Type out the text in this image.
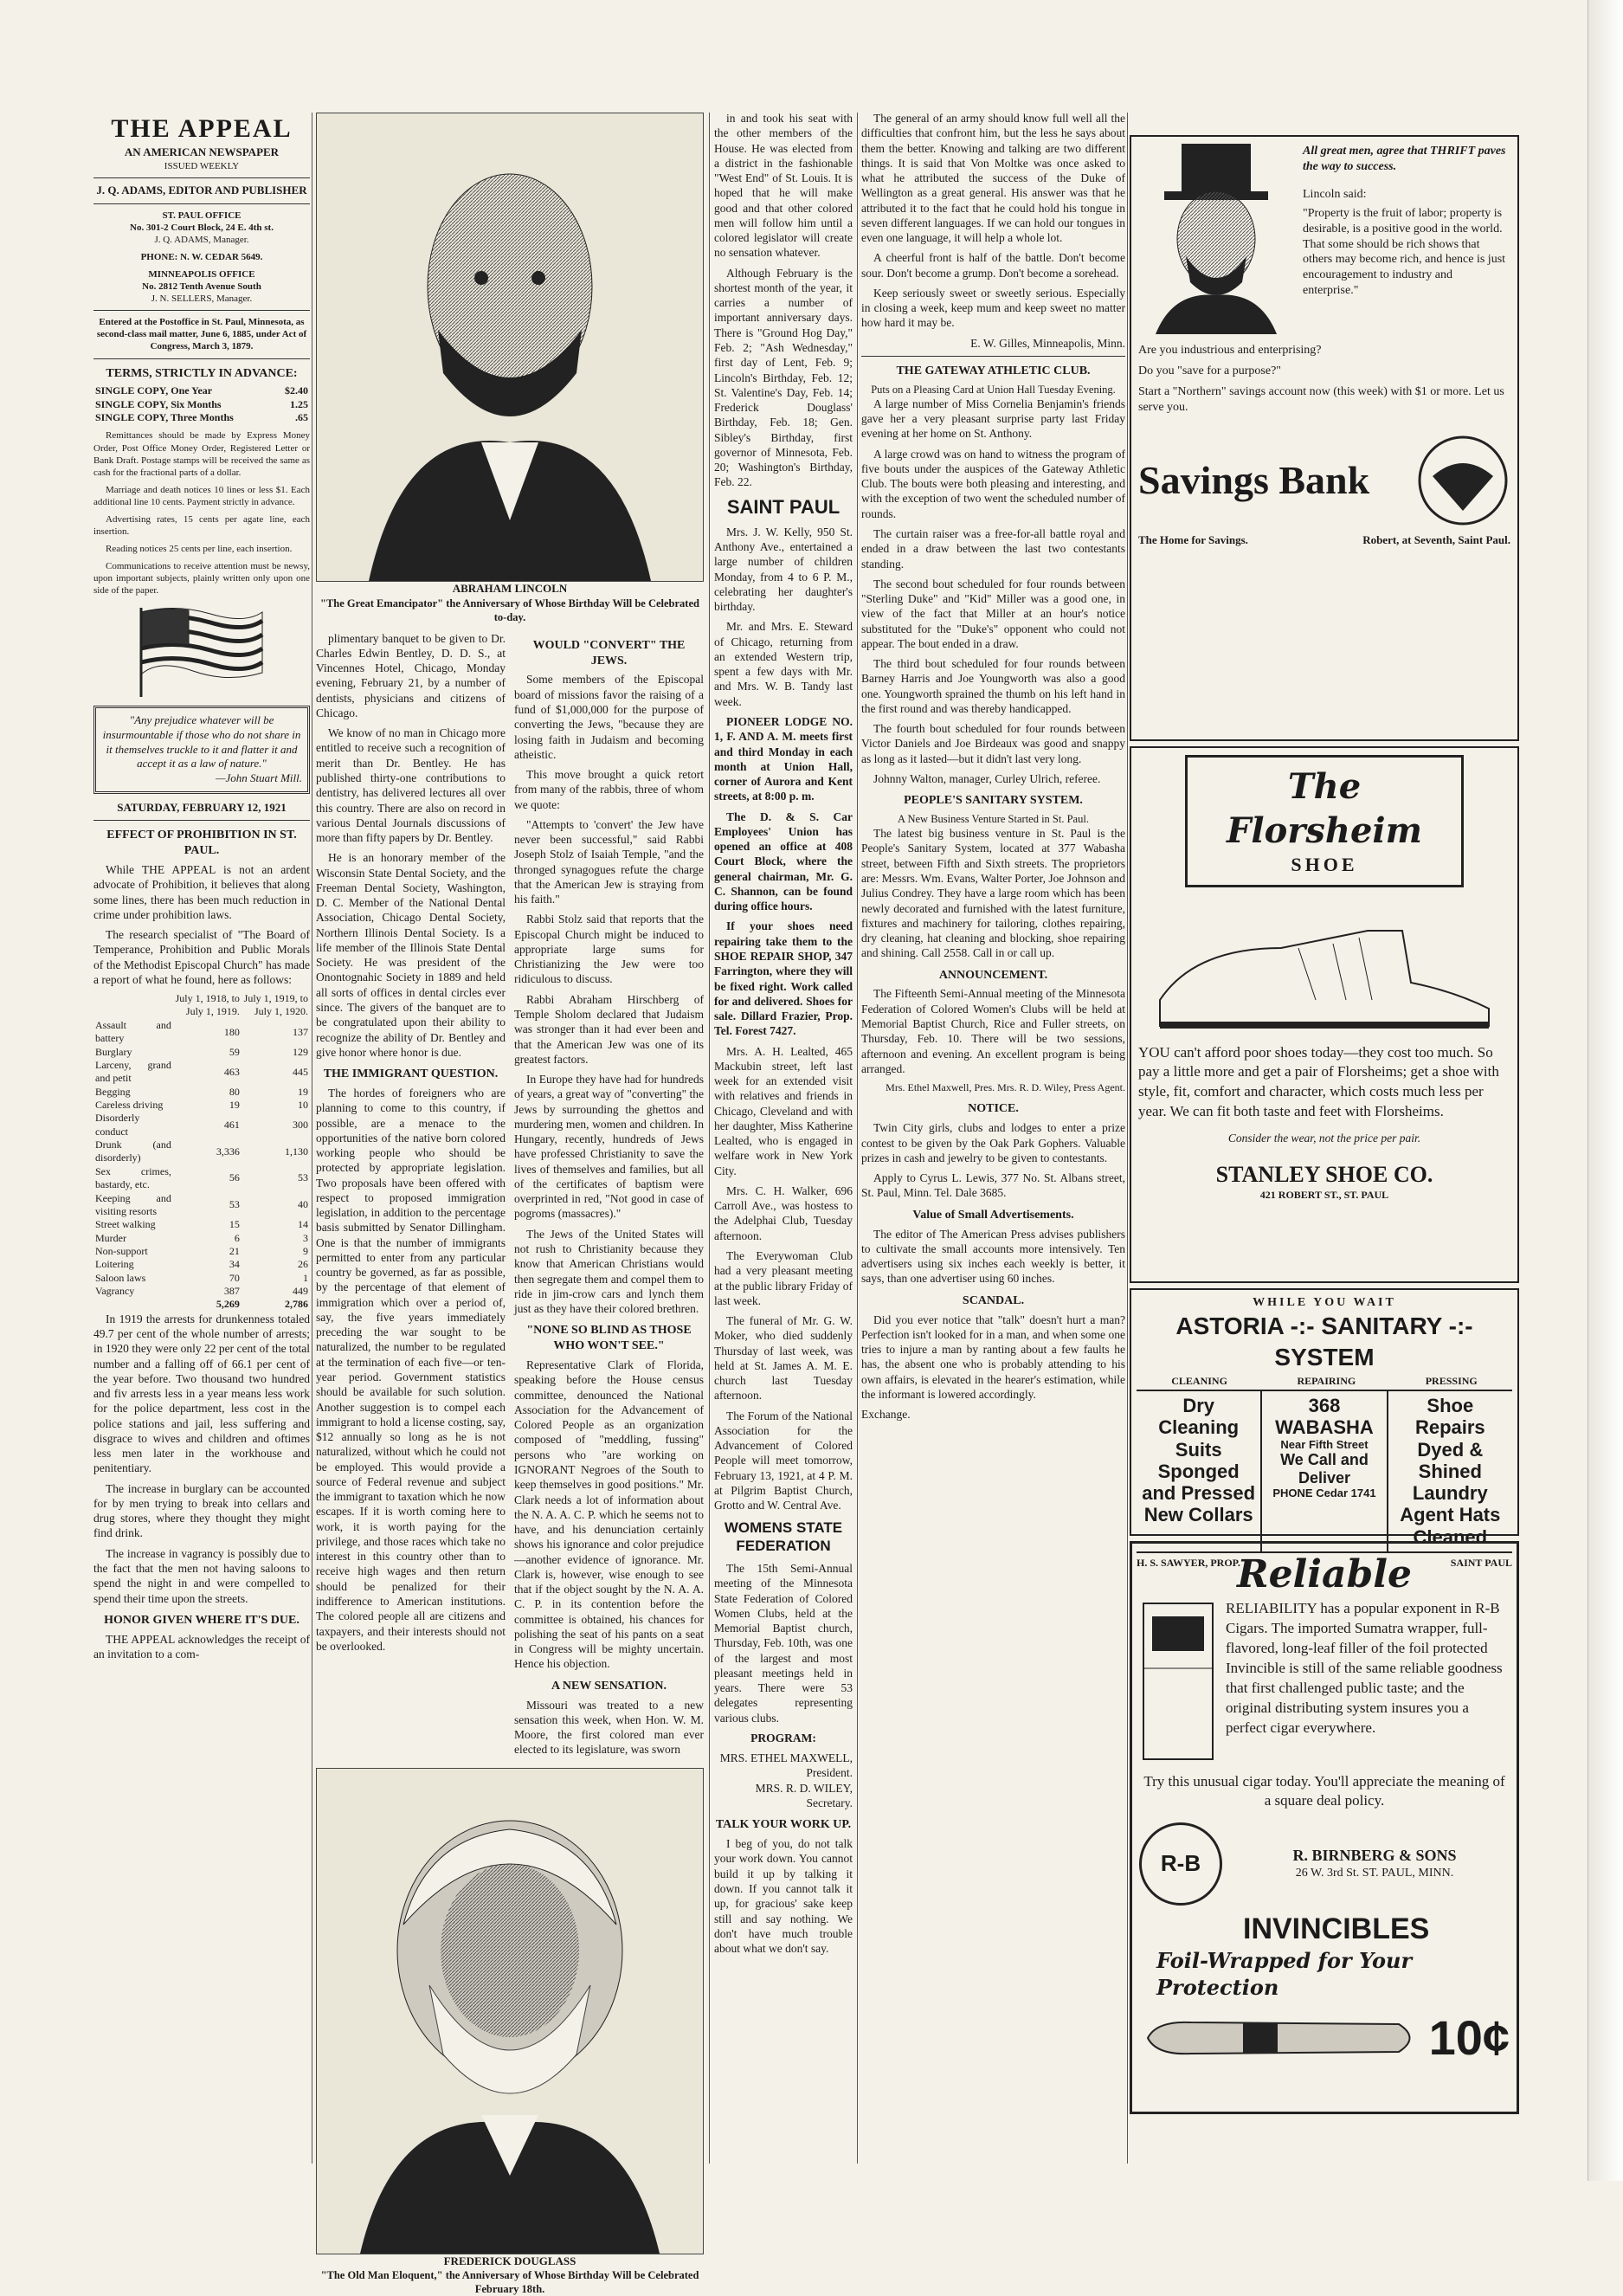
THE APPEAL
AN AMERICAN NEWSPAPER
ISSUED WEEKLY
J. Q. ADAMS, EDITOR AND PUBLISHER
ST. PAUL OFFICE
No. 301-2 Court Block, 24 E. 4th st.
J. Q. ADAMS, Manager.
PHONE: N. W. CEDAR 5649.
MINNEAPOLIS OFFICE
No. 2812 Tenth Avenue South
J. N. SELLERS, Manager.
Entered at the Postoffice in St. Paul, Minnesota, as second-class mail matter, June 6, 1885, under Act of Congress, March 3, 1879.
TERMS, STRICTLY IN ADVANCE:
SINGLE COPY, One Year	$2.40
SINGLE COPY, Six Months	1.25
SINGLE COPY, Three Months	.65

Remittances should be made by Express Money Order, Post Office Money Order, Registered Letter or Bank Draft. Postage stamps will be received the same as cash for the fractional parts of a dollar.

Marriage and death notices 10 lines or less $1. Each additional line 10 cents. Payment strictly in advance.

Advertising rates, 15 cents per agate line, each insertion.

Reading notices 25 cents per line, each insertion.

Communications to receive attention must be newsy, upon important subjects, plainly written only upon one side of the paper.

"Any prejudice whatever will be insurmountable if those who do not share in it themselves truckle to it and flatter it and accept it as a law of nature."
—John Stuart Mill.
SATURDAY, FEBRUARY 12, 1921
EFFECT OF PROHIBITION IN ST. PAUL.

While THE APPEAL is not an ardent advocate of Prohibition, it believes that along some lines, there has been much reduction in crime under prohibition laws.

The research specialist of "The Board of Temperance, Prohibition and Public Morals of the Methodist Episcopal Church" has made a report of what he found, here as follows:

	July 1, 1918, to July 1, 1919.	July 1, 1919, to July 1, 1920.
Assault and battery	180	137
Burglary	59	129
Larceny, grand and petit	463	445
Begging	80	19
Careless driving	19	10
Disorderly conduct	461	300
Drunk (and disorderly)	3,336	1,130
Sex crimes, bastardy, etc.	56	53
Keeping and visiting resorts	53	40
Street walking	15	14
Murder	6	3
Non-support	21	9
Loitering	34	26
Saloon laws	70	1
Vagrancy	387	449
	5,269	2,786

In 1919 the arrests for drunkenness totaled 49.7 per cent of the whole number of arrests; in 1920 they were only 22 per cent of the total number and a falling off of 66.1 per cent of the year before. Two thousand two hundred and fiv arrests less in a year means less work for the police department, less cost in the police stations and jail, less suffering and disgrace to wives and children and oftimes less men later in the workhouse and penitentiary.

The increase in burglary can be accounted for by men trying to break into cellars and drug stores, where they thought they might find drink.

The increase in vagrancy is possibly due to the fact that the men not having saloons to spend the night in and were compelled to spend their time upon the streets.

HONOR GIVEN WHERE IT'S DUE.

THE APPEAL acknowledges the receipt of an invitation to a com-

ABRAHAM LINCOLN
"The Great Emancipator" the Anniversary of Whose Birthday Will be Celebrated to-day.

plimentary banquet to be given to Dr. Charles Edwin Bentley, D. D. S., at Vincennes Hotel, Chicago, Monday evening, February 21, by a number of dentists, physicians and citizens of Chicago.

We know of no man in Chicago more entitled to receive such a recognition of merit than Dr. Bentley. He has published thirty-one contributions to dentistry, has delivered lectures all over this country. There are also on record in various Dental Journals discussions of more than fifty papers by Dr. Bentley.

He is an honorary member of the Wisconsin State Dental Society, and the Freeman Dental Society, Washington, D. C. Member of the National Dental Association, Chicago Dental Society, Northern Illinois Dental Society. Is a life member of the Illinois State Dental Society. He was president of the Onontognahic Society in 1889 and held all sorts of offices in dental circles ever since. The givers of the banquet are to be congratulated upon their ability to recognize the ability of Dr. Bentley and give honor where honor is due.

THE IMMIGRANT QUESTION.

The hordes of foreigners who are planning to come to this country, if possible, are a menace to the opportunities of the native born colored working people who should be protected by appropriate legislation. Two proposals have been offered with respect to proposed immigration legislation, in addition to the percentage basis submitted by Senator Dillingham. One is that the number of immigrants permitted to enter from any particular country be governed, as far as possible, by the percentage of that element of immigration which over a period of, say, the five years immediately preceding the war sought to be naturalized, the number to be regulated at the termination of each five—or ten-year period. Government statistics should be available for such solution. Another suggestion is to compel each immigrant to hold a license costing, say, $12 annually so long as he is not naturalized, without which he could not be employed. This would provide a source of Federal revenue and subject the immigrant to taxation which he now escapes. If it is worth coming here to work, it is worth paying for the privilege, and those races which take no interest in this country other than to receive high wages and then return should be penalized for their indifference to American institutions. The colored people all are citizens and taxpayers, and their interests should not be overlooked.

WOULD "CONVERT" THE JEWS.

Some members of the Episcopal board of missions favor the raising of a fund of $1,000,000 for the purpose of converting the Jews, "because they are losing faith in Judaism and becoming atheistic.

This move brought a quick retort from many of the rabbis, three of whom we quote:

"Attempts to 'convert' the Jew have never been successful," said Rabbi Joseph Stolz of Isaiah Temple, "and the thronged synagogues refute the charge that the American Jew is straying from his faith."

Rabbi Stolz said that reports that the Episcopal Church might be induced to appropriate large sums for Christianizing the Jew were too ridiculous to discuss.

Rabbi Abraham Hirschberg of Temple Sholom declared that Judaism was stronger than it had ever been and that the American Jew was one of its greatest factors.

In Europe they have had for hundreds of years, a great way of "converting" the Jews by surrounding the ghettos and murdering men, women and children. In Hungary, recently, hundreds of Jews have professed Christianity to save the lives of themselves and families, but all of the certificates of baptism were overprinted in red, "Not good in case of pogroms (massacres)."

The Jews of the United States will not rush to Christianity because they know that American Christians would then segregate them and compel them to ride in jim-crow cars and lynch them just as they have their colored brethren.

"NONE SO BLIND AS THOSE WHO WON'T SEE."

Representative Clark of Florida, speaking before the House census committee, denounced the National Association for the Advancement of Colored People as an organization composed of "meddling, fussing" persons who "are working on IGNORANT Negroes of the South to keep themselves in good positions." Mr. Clark needs a lot of information about the N. A. A. C. P. which he seems not to have, and his denunciation certainly shows his ignorance and color prejudice—another evidence of ignorance. Mr. Clark is, however, wise enough to see that if the object sought by the N. A. A. C. P. in its contention before the committee is obtained, his chances for polishing the seat of his pants on a seat in Congress will be mighty uncertain. Hence his objection.

A NEW SENSATION.

Missouri was treated to a new sensation this week, when Hon. W. M. Moore, the first colored man ever elected to its legislature, was sworn

FREDERICK DOUGLASS
"The Old Man Eloquent," the Anniversary of Whose Birthday Will be Celebrated February 18th.

in and took his seat with the other members of the House. He was elected from a district in the fashionable "West End" of St. Louis. It is hoped that he will make good and that other colored men will follow him until a colored legislator will create no sensation whatever.

Although February is the shortest month of the year, it carries a number of important anniversary days. There is "Ground Hog Day," Feb. 2; "Ash Wednesday," first day of Lent, Feb. 9; Lincoln's Birthday, Feb. 12; St. Valentine's Day, Feb. 14; Frederick Douglass' Birthday, Feb. 18; Gen. Sibley's Birthday, first governor of Minnesota, Feb. 20; Washington's Birthday, Feb. 22.

SAINT PAUL

Mrs. J. W. Kelly, 950 St. Anthony Ave., entertained a large number of children Monday, from 4 to 6 P. M., celebrating her daughter's birthday.

Mr. and Mrs. E. Steward of Chicago, returning from an extended Western trip, spent a few days with Mr. and Mrs. W. B. Tandy last week.

PIONEER LODGE NO. 1, F. AND A. M. meets first and third Monday in each month at Union Hall, corner of Aurora and Kent streets, at 8:00 p. m.

The D. & S. Car Employees' Union has opened an office at 408 Court Block, where the general chairman, Mr. G. C. Shannon, can be found during office hours.

If your shoes need repairing take them to the SHOE REPAIR SHOP, 347 Farrington, where they will be fixed right. Work called for and delivered. Shoes for sale. Dillard Frazier, Prop. Tel. Forest 7427.

Mrs. A. H. Lealted, 465 Mackubin street, left last week for an extended visit with relatives and friends in Chicago, Cleveland and with her daughter, Miss Katherine Lealted, who is engaged in welfare work in New York City.

Mrs. C. H. Walker, 696 Carroll Ave., was hostess to the Adelphai Club, Tuesday afternoon.

The Everywoman Club had a very pleasant meeting at the public library Friday of last week.

The funeral of Mr. G. W. Moker, who died suddenly Thursday of last week, was held at St. James A. M. E. church last Tuesday afternoon.

The Forum of the National Association for the Advancement of Colored People will meet tomorrow, February 13, 1921, at 4 P. M. at Pilgrim Baptist Church, Grotto and W. Central Ave.

WOMENS STATE FEDERATION

The 15th Semi-Annual meeting of the Minnesota State Federation of Colored Women Clubs, held at the Memorial Baptist church, Thursday, Feb. 10th, was one of the largest and most pleasant meetings held in years. There were 53 delegates representing various clubs.

PROGRAM:
MRS. ETHEL MAXWELL, President.
MRS. R. D. WILEY, Secretary.
TALK YOUR WORK UP.

I beg of you, do not talk your work down. You cannot build it up by talking it down. If you cannot talk it up, for gracious' sake keep still and say nothing. We don't have much trouble about what we don't say.

The general of an army should know full well all the difficulties that confront him, but the less he says about them the better. Knowing and talking are two different things. It is said that Von Moltke was once asked to what he attributed the success of the Duke of Wellington as a great general. His answer was that he attributed it to the fact that he could hold his tongue in seven different languages. If we can hold our tongues in even one language, it will help a whole lot.

A cheerful front is half of the battle. Don't become sour. Don't become a grump. Don't become a sorehead.

Keep seriously sweet or sweetly serious. Especially in closing a week, keep mum and keep sweet no matter how hard it may be.

E. W. Gilles, Minneapolis, Minn.
THE GATEWAY ATHLETIC CLUB.
Puts on a Pleasing Card at Union Hall Tuesday Evening.

A large number of Miss Cornelia Benjamin's friends gave her a very pleasant surprise party last Friday evening at her home on St. Anthony.

A large crowd was on hand to witness the program of five bouts under the auspices of the Gateway Athletic Club. The bouts were both pleasing and interesting, and with the exception of two went the scheduled number of rounds.

The curtain raiser was a free-for-all battle royal and ended in a draw between the last two contestants standing.

The second bout scheduled for four rounds between "Sterling Duke" and "Kid" Miller was a good one, in view of the fact that Miller at an hour's notice substituted for the "Duke's" opponent who could not appear. The bout ended in a draw.

The third bout scheduled for four rounds between Barney Harris and Joe Youngworth was also a good one. Youngworth sprained the thumb on his left hand in the first round and was thereby handicapped.

The fourth bout scheduled for four rounds between Victor Daniels and Joe Birdeaux was good and snappy as long as it lasted—but it didn't last very long.

Johnny Walton, manager, Curley Ulrich, referee.

PEOPLE'S SANITARY SYSTEM.
A New Business Venture Started in St. Paul.

The latest big business venture in St. Paul is the People's Sanitary System, located at 377 Wabasha street, between Fifth and Sixth streets. The proprietors are: Messrs. Wm. Evans, Walter Porter, Joe Johnson and Julius Condrey. They have a large room which has been newly decorated and furnished with the latest furniture, fixtures and machinery for tailoring, clothes repairing, dry cleaning, hat cleaning and blocking, shoe repairing and shining. Call 2558. Call in or call up.

ANNOUNCEMENT.

The Fifteenth Semi-Annual meeting of the Minnesota Federation of Colored Women's Clubs will be held at Memorial Baptist Church, Rice and Fuller streets, on Thursday, Feb. 10. There will be two sessions, afternoon and evening. An excellent program is being arranged.

Mrs. Ethel Maxwell, Pres. Mrs. R. D. Wiley, Press Agent.
NOTICE.

Twin City girls, clubs and lodges to enter a prize contest to be given by the Oak Park Gophers. Valuable prizes in cash and jewelry to be given to contestants.

Apply to Cyrus L. Lewis, 377 No. St. Albans street, St. Paul, Minn. Tel. Dale 3685.

Value of Small Advertisements.

The editor of The American Press advises publishers to cultivate the small accounts more intensively. Ten advertisers using six inches each weekly is better, it says, than one advertiser using 60 inches.

SCANDAL.

Did you ever notice that "talk" doesn't hurt a man? Perfection isn't looked for in a man, and when some one tries to injure a man by ranting about a few faults he has, the absent one who is probably attending to his own affairs, is elevated in the hearer's estimation, while the informant is lowered accordingly.

Exchange.
All great men, agree that THRIFT paves the way to success.
Lincoln said:
"Property is the fruit of labor; property is desirable, is a positive good in the world. That some should be rich shows that others may become rich, and hence is just encouragement to industry and enterprise."
Are you industrious and enterprising?
Do you "save for a purpose?"
Start a "Northern" savings account now (this week) with $1 or more. Let us serve you.
Savings Bank
The Home for Savings.	Robert, at Seventh, Saint Paul.
The Florsheim
SHOE
YOU can't afford poor shoes today—they cost too much. So pay a little more and get a pair of Florsheims; get a shoe with style, fit, comfort and character, which costs much less per year. We can fit both taste and feet with Florsheims.
Consider the wear, not the price per pair.
STANLEY SHOE CO.
421 ROBERT ST., ST. PAUL
WHILE YOU WAIT
ASTORIA -:- SANITARY -:- SYSTEM
CLEANING	REPAIRING	PRESSING
Dry Cleaning Suits Sponged and Pressed New Collars
368 WABASHA
Near Fifth Street
We Call and Deliver
PHONE Cedar 1741
Shoe Repairs Dyed & Shined Laundry Agent Hats Cleaned
H. S. SAWYER, PROP.	SAINT PAUL
Reliable
RELIABILITY has a popular exponent in R-B Cigars. The imported Sumatra wrapper, full-flavored, long-leaf filler of the foil protected Invincible is still of the same reliable goodness that first challenged public taste; and the original distributing system insures you a perfect cigar everywhere.
Try this unusual cigar today. You'll appreciate the meaning of a square deal policy.
R-B	R. BIRNBERG & SONS
26 W. 3rd St. ST. PAUL, MINN.
INVINCIBLES
Foil-Wrapped for Your Protection
10¢
